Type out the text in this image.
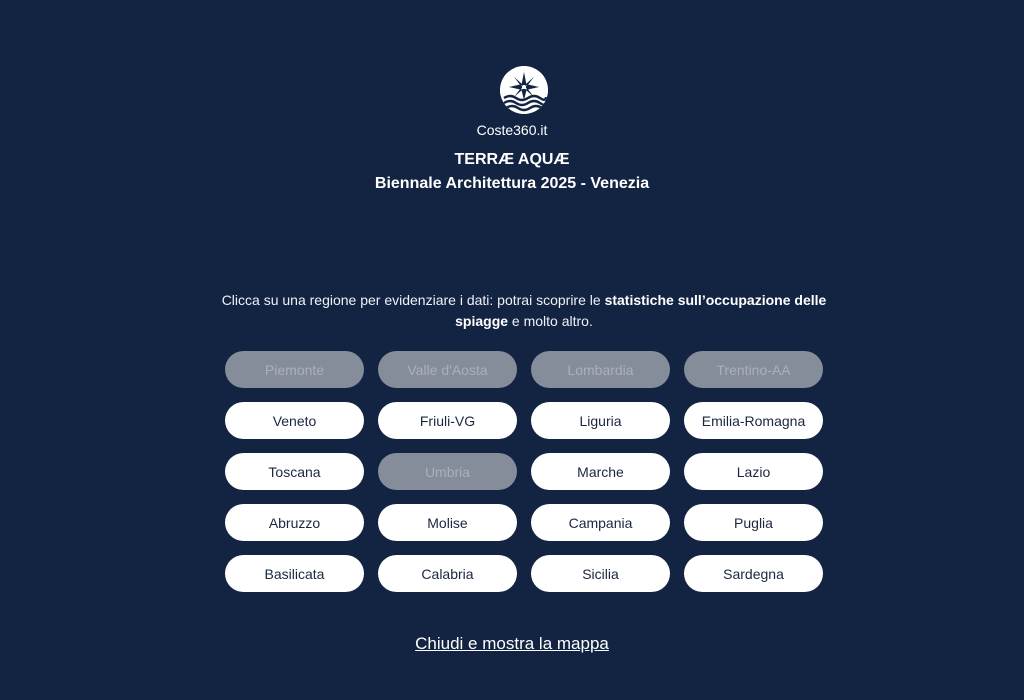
Coste360.it
TERRÆ AQUÆ
Biennale Architettura 2025 - Venezia
Clicca su una regione per evidenziare i dati: potrai scoprire le statistiche sull’occupazione delle spiagge e molto altro.
Piemonte	Valle d'Aosta	Lombardia	Trentino-AA
Veneto	Friuli-VG	Liguria	Emilia-Romagna
Toscana	Umbria	Marche	Lazio
Abruzzo	Molise	Campania	Puglia
Basilicata	Calabria	Sicilia	Sardegna
Chiudi e mostra la mappa
